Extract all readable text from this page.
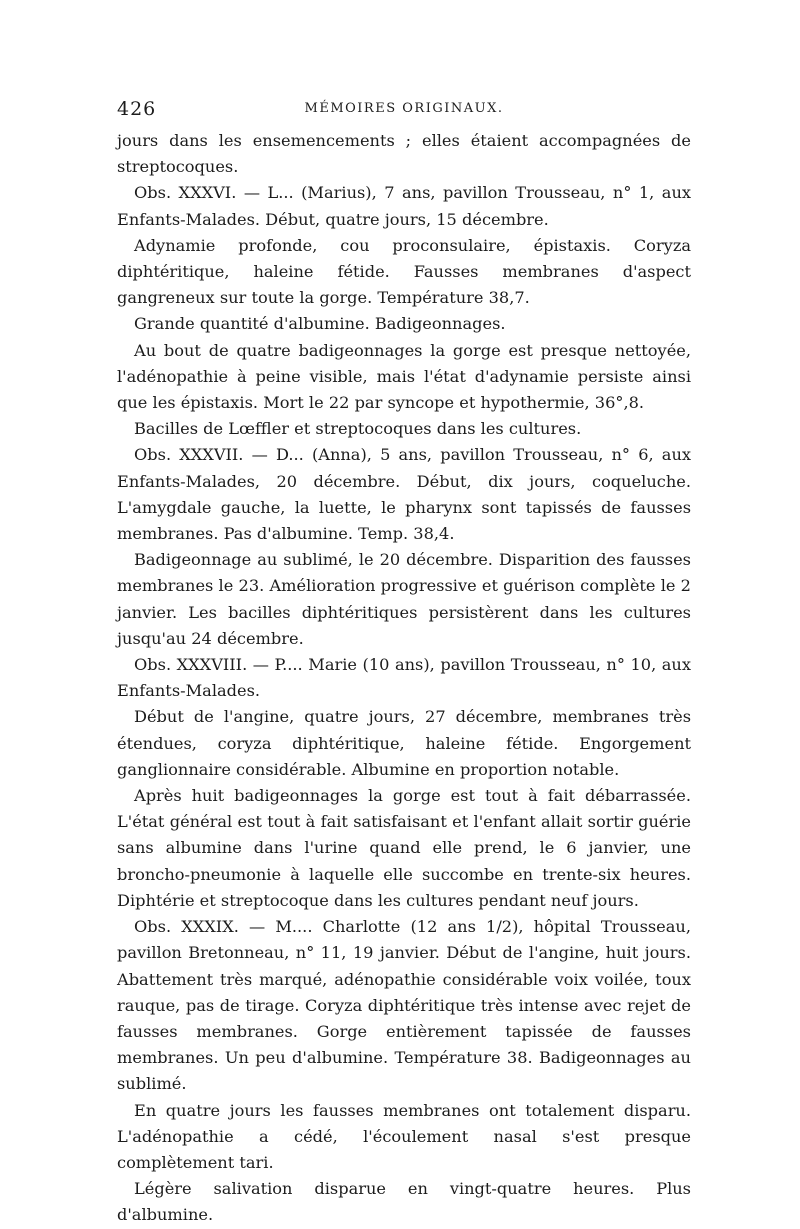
426	MÉMOIRES ORIGINAUX.

jours dans les ensemencements ; elles étaient accompagnées de streptocoques.

Obs. XXXVI. — L... (Marius), 7 ans, pavillon Trousseau, n° 1, aux Enfants-Malades. Début, quatre jours, 15 décembre.

Adynamie profonde, cou proconsulaire, épistaxis. Coryza diphtéritique, haleine fétide. Fausses membranes d'aspect gangreneux sur toute la gorge. Température 38,7.

Grande quantité d'albumine. Badigeonnages.

Au bout de quatre badigeonnages la gorge est presque nettoyée, l'adénopathie à peine visible, mais l'état d'adynamie persiste ainsi que les épistaxis. Mort le 22 par syncope et hypothermie, 36°,8.

Bacilles de Lœffler et streptocoques dans les cultures.

Obs. XXXVII. — D... (Anna), 5 ans, pavillon Trousseau, n° 6, aux Enfants-Malades, 20 décembre. Début, dix jours, coqueluche. L'amygdale gauche, la luette, le pharynx sont tapissés de fausses membranes. Pas d'albumine. Temp. 38,4.

Badigeonnage au sublimé, le 20 décembre. Disparition des fausses membranes le 23. Amélioration progressive et guérison complète le 2 janvier. Les bacilles diphtéritiques persistèrent dans les cultures jusqu'au 24 décembre.

Obs. XXXVIII. — P.... Marie (10 ans), pavillon Trousseau, n° 10, aux Enfants-Malades.

Début de l'angine, quatre jours, 27 décembre, membranes très étendues, coryza diphtéritique, haleine fétide. Engorgement ganglionnaire considérable. Albumine en proportion notable.

Après huit badigeonnages la gorge est tout à fait débarrassée. L'état général est tout à fait satisfaisant et l'enfant allait sortir guérie sans albumine dans l'urine quand elle prend, le 6 janvier, une broncho-pneumonie à laquelle elle succombe en trente-six heures. Diphtérie et streptocoque dans les cultures pendant neuf jours.

Obs. XXXIX. — M.... Charlotte (12 ans 1/2), hôpital Trousseau, pavillon Bretonneau, n° 11, 19 janvier. Début de l'angine, huit jours. Abattement très marqué, adénopathie considérable voix voilée, toux rauque, pas de tirage. Coryza diphtéritique très intense avec rejet de fausses membranes. Gorge entièrement tapissée de fausses membranes. Un peu d'albumine. Température 38. Badigeonnages au sublimé.

En quatre jours les fausses membranes ont totalement disparu. L'adénopathie a cédé, l'écoulement nasal s'est presque complètement tari.

Légère salivation disparue en vingt-quatre heures. Plus d'albumine.
